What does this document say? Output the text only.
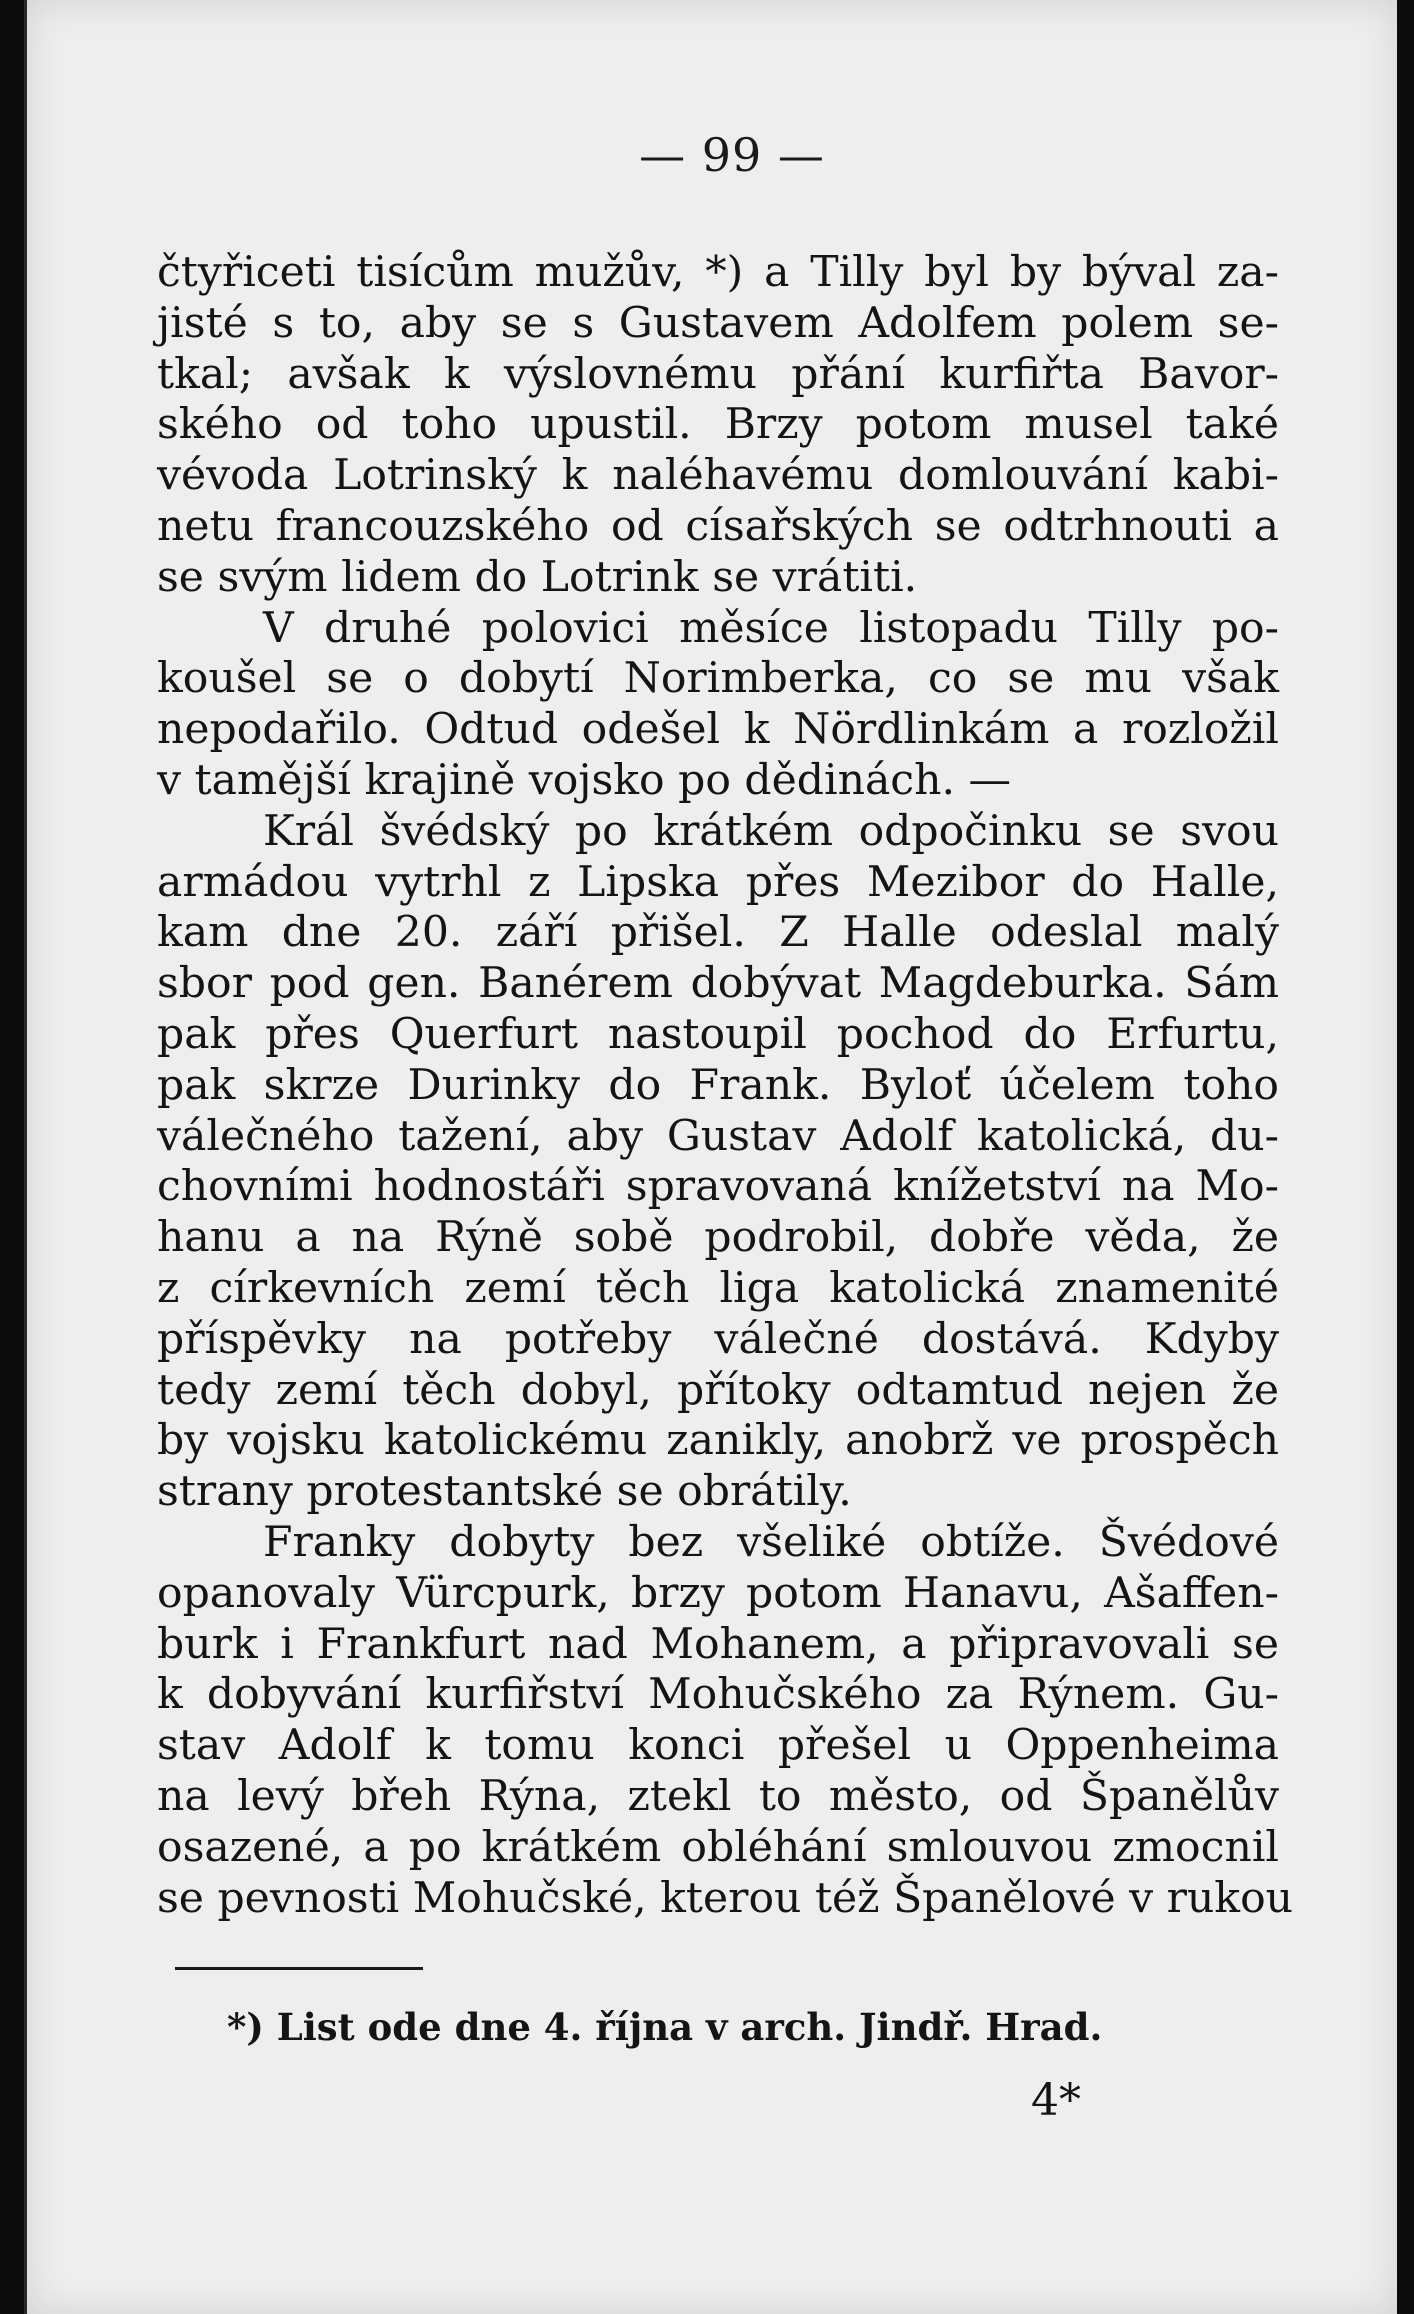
— 99 —
čtyřiceti tisícům mužův, *) a Tilly byl by býval za-
jisté s to, aby se s Gustavem Adolfem polem se-
tkal; avšak k výslovnému přání kurfiřta Bavor-
ského od toho upustil. Brzy potom musel také
vévoda Lotrinský k naléhavému domlouvání kabi-
netu francouzského od císařských se odtrhnouti a
se svým lidem do Lotrink se vrátiti.
V druhé polovici měsíce listopadu Tilly po-
koušel se o dobytí Norimberka, co se mu však
nepodařilo. Odtud odešel k Nördlinkám a rozložil
v tamější krajině vojsko po dědinách. —
Král švédský po krátkém odpočinku se svou
armádou vytrhl z Lipska přes Mezibor do Halle,
kam dne 20. září přišel. Z Halle odeslal malý
sbor pod gen. Banérem dobývat Magdeburka. Sám
pak přes Querfurt nastoupil pochod do Erfurtu,
pak skrze Durinky do Frank. Byloť účelem toho
válečného tažení, aby Gustav Adolf katolická, du-
chovními hodnostáři spravovaná knížetství na Mo-
hanu a na Rýně sobě podrobil, dobře věda, že
z církevních zemí těch liga katolická znamenité
příspěvky na potřeby válečné dostává. Kdyby
tedy zemí těch dobyl, přítoky odtamtud nejen že
by vojsku katolickému zanikly, anobrž ve prospěch
strany protestantské se obrátily.
Franky dobyty bez všeliké obtíže. Švédové
opanovaly Vürcpurk, brzy potom Hanavu, Ašaffen-
burk i Frankfurt nad Mohanem, a připravovali se
k dobyvání kurfiřství Mohučského za Rýnem. Gu-
stav Adolf k tomu konci přešel u Oppenheima
na levý břeh Rýna, ztekl to město, od Španělův
osazené, a po krátkém obléhání smlouvou zmocnil
se pevnosti Mohučské, kterou též Španělové v rukou
*) List ode dne 4. října v arch. Jindř. Hrad.
4*
